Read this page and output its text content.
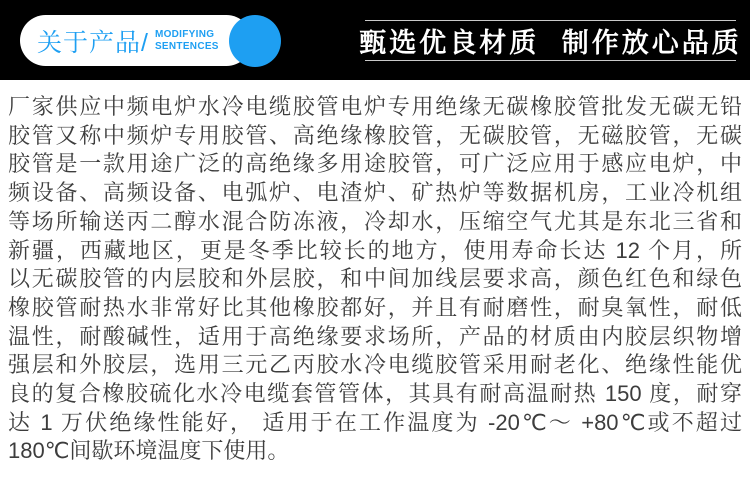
关于产品/ MODIFYING
SENTENCES	甄选优良材质 制作放心品质
厂家供应中频电炉水冷电缆胶管电炉专用绝缘无碳橡胶管批发无碳无铅
胶管又称中频炉专用胶管、高绝缘橡胶管，无碳胶管，无磁胶管，无碳
胶管是一款用途广泛的高绝缘多用途胶管，可广泛应用于感应电炉，中
频设备、高频设备、电弧炉、电渣炉、矿热炉等数据机房，工业冷机组
等场所输送丙二醇水混合防冻液，冷却水，压缩空气尤其是东北三省和
新疆，西藏地区，更是冬季比较长的地方，使用寿命长达 12 个月，所
以无碳胶管的内层胶和外层胶，和中间加线层要求高，颜色红色和绿色
橡胶管耐热水非常好比其他橡胶都好，并且有耐磨性，耐臭氧性，耐低
温性，耐酸碱性，适用于高绝缘要求场所，产品的材质由内胶层织物增
强层和外胶层，选用三元乙丙胶水冷电缆胶管采用耐老化、绝缘性能优
良的复合橡胶硫化水冷电缆套管管体，其具有耐高温耐热 150 度，耐穿
达 1 万伏绝缘性能好， 适用于在工作温度为 -20℃～ +80℃或不超过
180℃间歇环境温度下使用。
